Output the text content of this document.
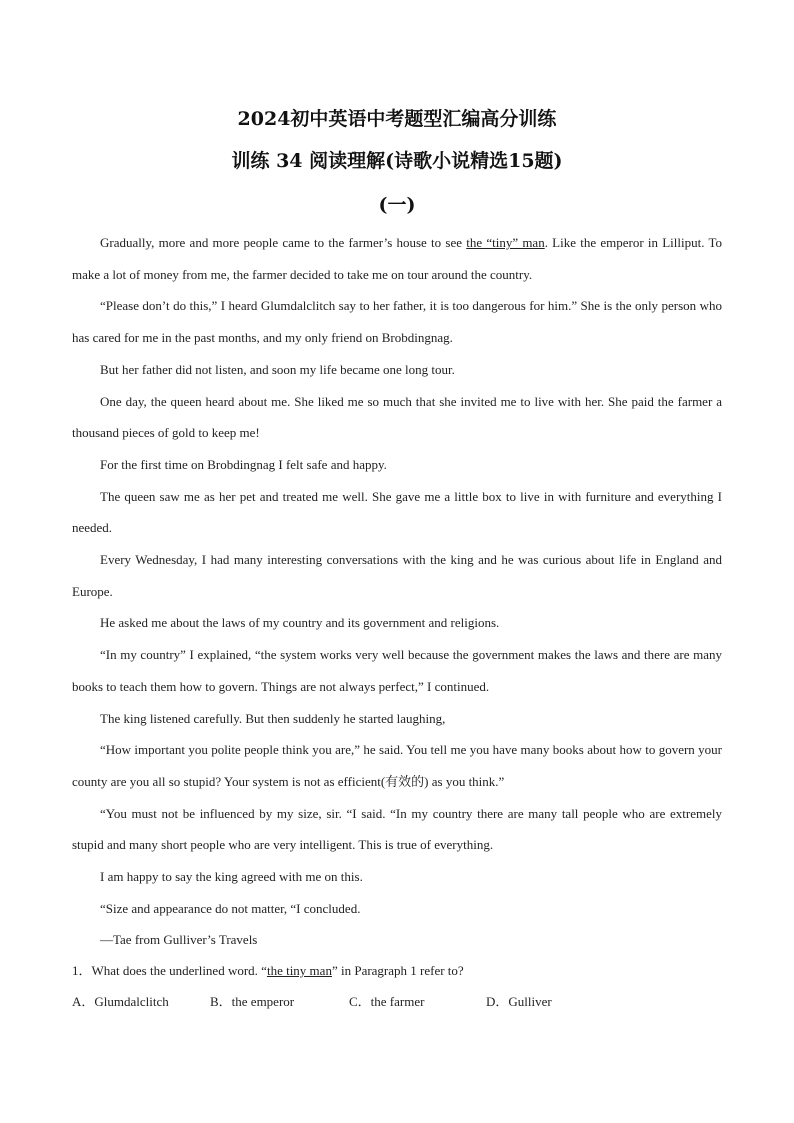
2024初中英语中考题型汇编高分训练
训练 34 阅读理解(诗歌小说精选15题)
(一)

Gradually, more and more people came to the farmer’s house to see the “tiny” man. Like the emperor in Lilliput. To make a lot of money from me, the farmer decided to take me on tour around the country.

“Please don’t do this,” I heard Glumdalclitch say to her father, it is too dangerous for him.” She is the only person who has cared for me in the past months, and my only friend on Brobdingnag.

But her father did not listen, and soon my life became one long tour.

One day, the queen heard about me. She liked me so much that she invited me to live with her. She paid the farmer a thousand pieces of gold to keep me!

For the first time on Brobdingnag I felt safe and happy.

The queen saw me as her pet and treated me well. She gave me a little box to live in with furniture and everything I needed.

Every Wednesday, I had many interesting conversations with the king and he was curious about life in England and Europe.

He asked me about the laws of my country and its government and religions.

“In my country” I explained, “the system works very well because the government makes the laws and there are many books to teach them how to govern. Things are not always perfect,” I continued.

The king listened carefully. But then suddenly he started laughing,

“How important you polite people think you are,” he said. You tell me you have many books about how to govern your county are you all so stupid? Your system is not as efficient(有效的) as you think.”

“You must not be influenced by my size, sir. “I said. “In my country there are many tall people who are extremely stupid and many short people who are very intelligent. This is true of everything.

I am happy to say the king agreed with me on this.

“Size and appearance do not matter, “I concluded.

—Tae from Gulliver’s Travels

1．What does the underlined word. “the tiny man” in Paragraph 1 refer to?

A．Glumdalclitch	B．the emperor	C．the farmer	D．Gulliver
